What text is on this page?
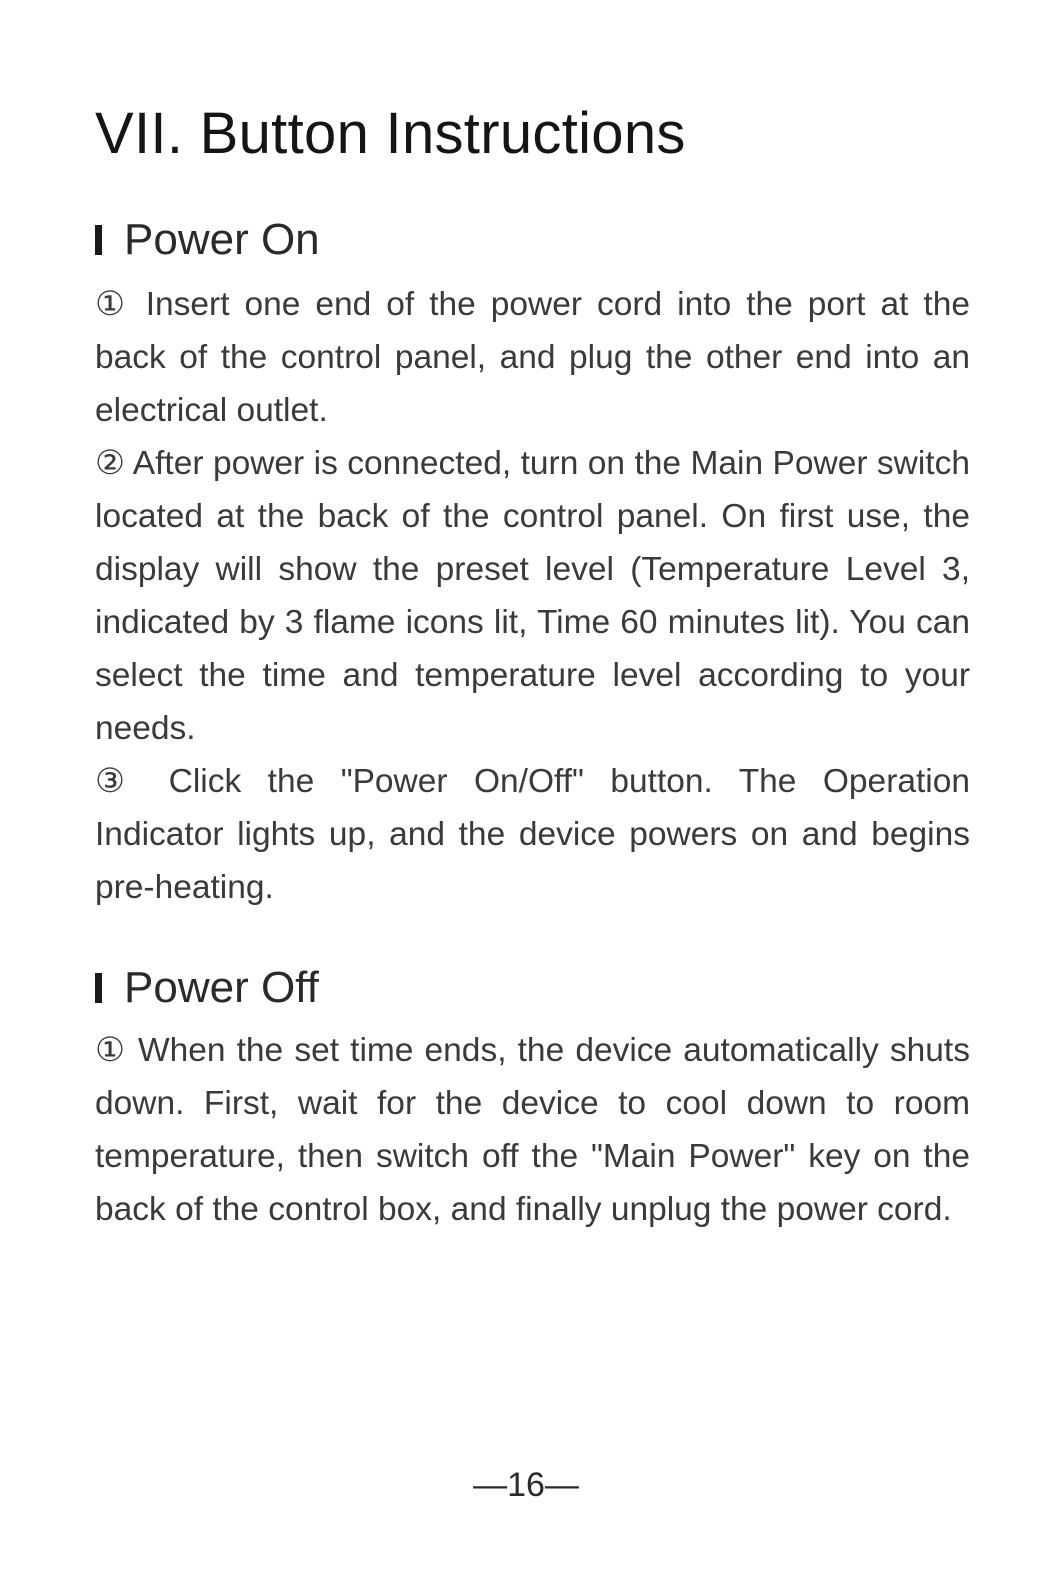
VII. Button Instructions
Power On

① Insert one end of the power cord into the port at the back of the control panel, and plug the other end into an electrical outlet.

② After power is connected, turn on the Main Power switch located at the back of the control panel. On first use, the display will show the preset level (Temperature Level 3, indicated by 3 flame icons lit, Time 60 minutes lit). You can select the time and temperature level according to your needs.

③ Click the "Power On/Off" button. The Operation Indicator lights up, and the device powers on and begins pre-heating.

Power Off

① When the set time ends, the device automatically shuts down. First, wait for the device to cool down to room temperature, then switch off the "Main Power" key on the back of the control box, and finally unplug the power cord.

—16—
